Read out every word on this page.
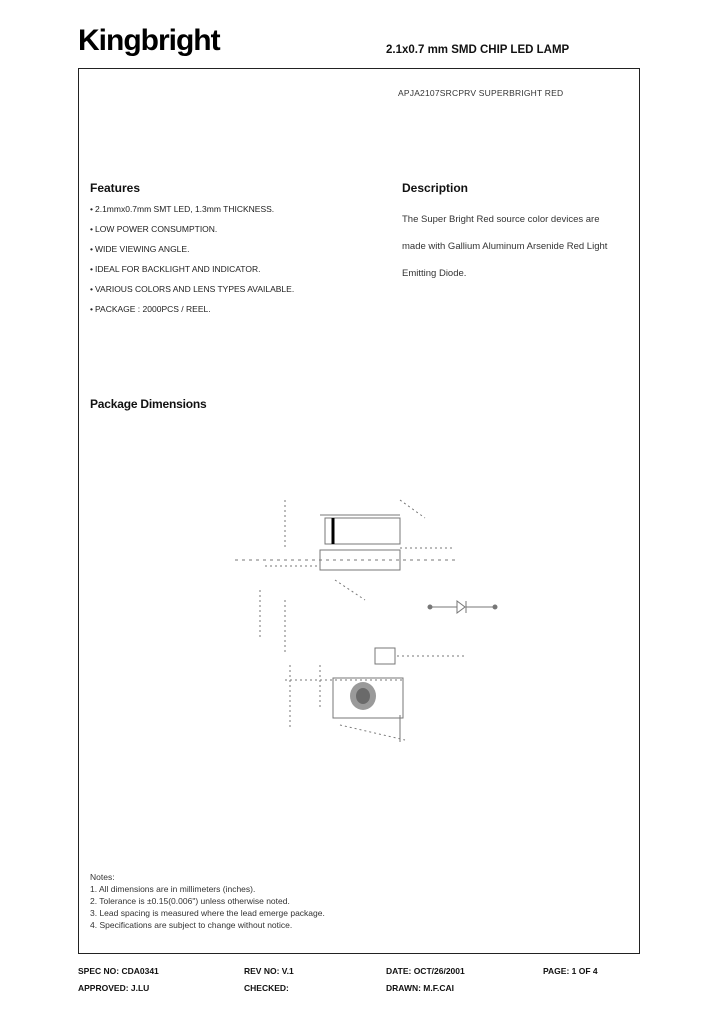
Kingbright	2.1x0.7 mm SMD CHIP LED LAMP
APJA2107SRCPRV SUPERBRIGHT RED
Features
• 2.1mmx0.7mm SMT LED, 1.3mm THICKNESS.
• LOW POWER CONSUMPTION.
• WIDE VIEWING ANGLE.
• IDEAL FOR BACKLIGHT AND INDICATOR.
• VARIOUS COLORS AND LENS TYPES AVAILABLE.
• PACKAGE : 2000PCS / REEL.
Description
The Super Bright Red source color devices are made with Gallium Aluminum Arsenide Red Light Emitting Diode.
Package Dimensions
Notes:
1. All dimensions are in millimeters (inches).
2. Tolerance is ±0.15(0.006") unless otherwise noted.
3. Lead spacing is measured where the lead emerge package.
4. Specifications are subject to change without notice.
SPEC NO: CDA0341	REV NO: V.1	DATE: OCT/26/2001	PAGE: 1 OF 4
APPROVED: J.LU	CHECKED:	DRAWN: M.F.CAI
